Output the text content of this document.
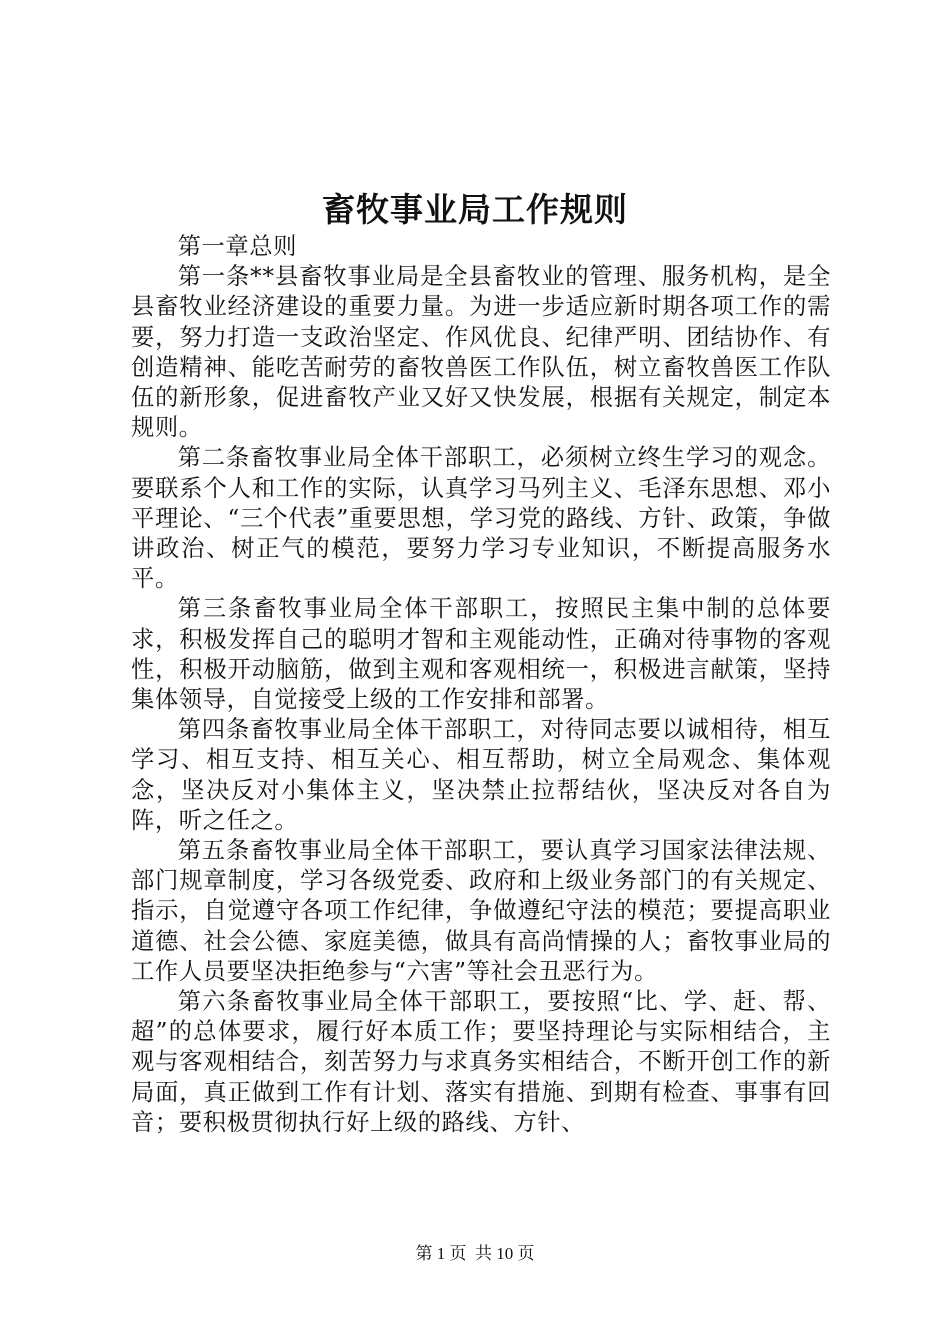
畜牧事业局工作规则

第一章总则

第一条**县畜牧事业局是全县畜牧业的管理、服务机构，是全县畜牧业经济建设的重要力量。为进一步适应新时期各项工作的需要，努力打造一支政治坚定、作风优良、纪律严明、团结协作、有创造精神、能吃苦耐劳的畜牧兽医工作队伍，树立畜牧兽医工作队伍的新形象，促进畜牧产业又好又快发展，根据有关规定，制定本规则。

第二条畜牧事业局全体干部职工，必须树立终生学习的观念。要联系个人和工作的实际，认真学习马列主义、毛泽东思想、邓小平理论、“三个代表”重要思想，学习党的路线、方针、政策，争做讲政治、树正气的模范，要努力学习专业知识，不断提高服务水平。

第三条畜牧事业局全体干部职工，按照民主集中制的总体要求，积极发挥自己的聪明才智和主观能动性，正确对待事物的客观性，积极开动脑筋，做到主观和客观相统一，积极进言献策，坚持集体领导，自觉接受上级的工作安排和部署。

第四条畜牧事业局全体干部职工，对待同志要以诚相待，相互学习、相互支持、相互关心、相互帮助，树立全局观念、集体观念，坚决反对小集体主义，坚决禁止拉帮结伙，坚决反对各自为阵，听之任之。

第五条畜牧事业局全体干部职工，要认真学习国家法律法规、部门规章制度，学习各级党委、政府和上级业务部门的有关规定、指示，自觉遵守各项工作纪律，争做遵纪守法的模范；要提高职业道德、社会公德、家庭美德，做具有高尚情操的人；畜牧事业局的工作人员要坚决拒绝参与“六害”等社会丑恶行为。

第六条畜牧事业局全体干部职工，要按照“比、学、赶、帮、超”的总体要求，履行好本质工作；要坚持理论与实际相结合，主观与客观相结合，刻苦努力与求真务实相结合，不断开创工作的新局面，真正做到工作有计划、落实有措施、到期有检查、事事有回音；要积极贯彻执行好上级的路线、方针、

第 1 页  共 10 页
